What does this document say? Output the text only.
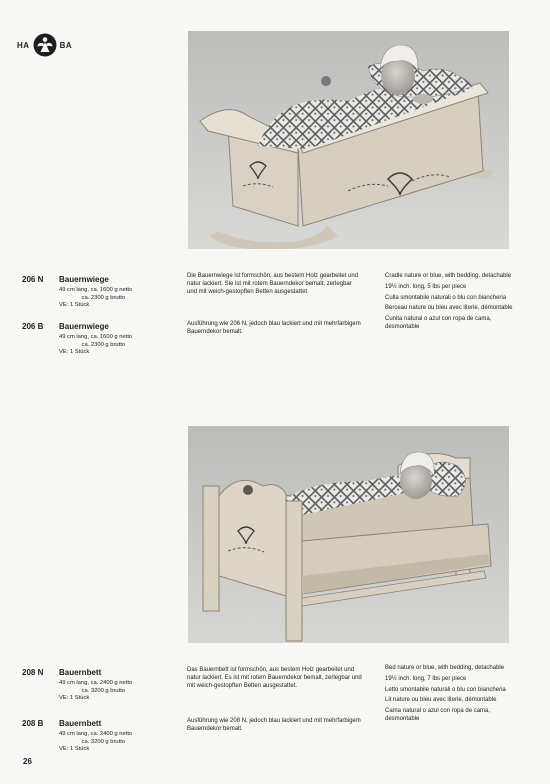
HA	BA
206 N Bauernwiege
49 cm lang, ca. 1600 g netto
ca. 2300 g brutto
VE: 1 Stück
Die Bauernwiege ist formschön, aus bestem Holz gearbeitet und natur lackiert. Sie ist mit rotem Bauerndekor bemalt, zerlegbar und mit weich-gestopften Betten ausgestattet.

Cradle nature or blue, with bedding, detachable

19½ inch. long, 5 lbs per piece

Culla smontabile naturali o blu con biancheria

Berceau nature ou bleu avec literie, démontable

Cunita natural o azul con ropa de cama, desmontable

206 B Bauernwiege
49 cm lang, ca. 1600 g netto
ca. 2300 g brutto
VE: 1 Stück
Ausführung wie 206 N, jedoch blau lackiert und mit mehrfarbigem Bauerndekor bemalt.
208 N Bauernbett
49 cm lang, ca. 2400 g netto
ca. 3200 g brutto
VE: 1 Stück
Das Bauernbett ist formschön, aus bestem Holz gearbeitet und natur lackiert. Es ist mit rotem Bauerndekor bemalt, zerlegbar und mit weich-gestopften Betten ausgestattet.

Bed nature or blue, with bedding, detachable

19½ inch. long, 7 lbs per piece

Letto smontabile naturali o blu con biancheria

Lit nature ou bleu avec literie, démontable

Cama natural o azul con ropa de cama, desmontable

208 B Bauernbett
49 cm lang, ca. 2400 g netto
ca. 3200 g brutto
VE: 1 Stück
Ausführung wie 208 N, jedoch blau lackiert und mit mehrfarbigem Bauerndekor bemalt.
26
